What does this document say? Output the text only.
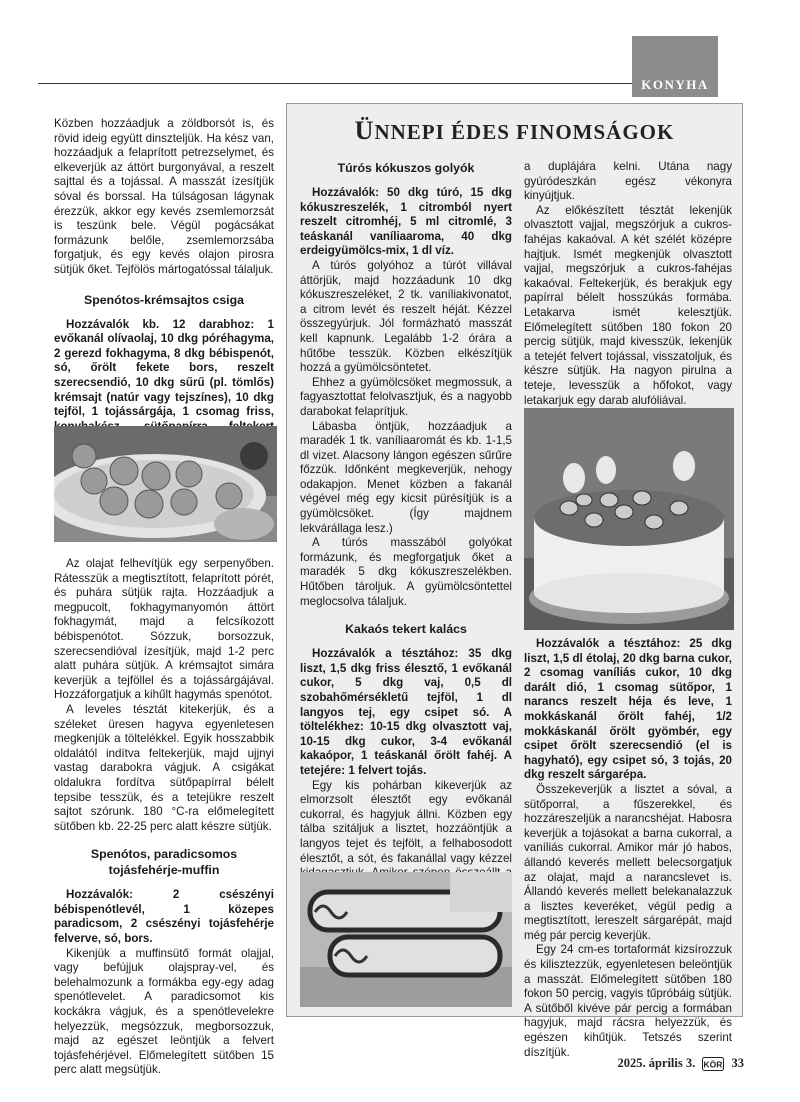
KONYHA

Közben hozzáadjuk a zöldborsót is, és rövid ideig együtt dinszteljük. Ha kész van, hozzáadjuk a felaprított petrezselymet, és elkeverjük az áttört burgonyával, a reszelt sajttal és a tojással. A masszát ízesítjük sóval és borssal. Ha túlságosan lágynak érezzük, akkor egy kevés zsemlemorzsát is teszünk bele. Végül pogácsákat formázunk belőle, zsemlemorzsába forgatjuk, és egy kevés olajon pirosra sütjük őket. Tejfölös mártogatóssal tálaljuk.

Spenótos-krémsajtos csiga

Hozzávalók kb. 12 darabhoz: 1 evőkanál olívaolaj, 10 dkg póréhagyma, 2 gerezd fokhagyma, 8 dkg bébispenót, só, őrölt fekete bors, reszelt szerecsendió, 10 dkg sűrű (pl. tömlős) krémsajt (natúr vagy tejszínes), 10 dkg tejföl, 1 tojássárgája, 1 csomag friss,

Az olajat felhevítjük egy serpenyőben. Rátesszük a megtisztított, felaprított pórét, és puhára sütjük rajta. Hozzáadjuk a megpucolt, fokhagymanyomón áttört fokhagymát, majd a felcsíkozott bébispenótot. Sózzuk, borsozzuk, szerecsendióval ízesítjük, majd 1-2 perc alatt puhára sütjük. A krémsajtot simára keverjük a tejföllel és a tojássárgájával. Hozzáforgatjuk a kihűlt hagymás spenótot.

A leveles tésztát kitekerjük, és a széleket üresen hagyva egyenletesen megkenjük a töltelékkel. Egyik hosszabbik oldalától indítva feltekerjük, majd ujjnyi vastag darabokra vágjuk. A csigákat oldalukra fordítva sütőpapírral bélelt tepsibe tesszük, és a tetejükre reszelt sajtot szórunk. 180 °C-ra előmelegített sütőben kb. 22-25 perc alatt készre sütjük.

Spenótos, paradicsomos tojásfehérje-muffin

Hozzávalók: 2 csészényi bébispenótlevél, 1 közepes paradicsom, 2 csészényi tojásfehérje felverve, só, bors.

Kikenjük a muffinsütő formát olajjal, vagy befújjuk olajspray-vel, és belehalmozunk a formákba egy-egy adag spenótlevelet. A paradicsomot kis kockákra vágjuk, és a spenótlevelekre helyezzük, megsózzuk, megborsozzuk, majd az egészet leöntjük a felvert tojásfehérjével. Előmelegített sütőben 15 perc alatt megsütjük.

ÜNNEPI ÉDES FINOMSÁGOK
Túrós kókuszos golyók

Hozzávalók: 50 dkg túró, 15 dkg kókuszreszelék, 1 citromból nyert reszelt citromhéj, 5 ml citromlé, 3 teáskanál vaníliaaroma, 40 dkg erdeigyümölcs-mix, 1 dl víz.

A túrós golyóhoz a túrót villával áttörjük, majd hozzáadunk 10 dkg kókuszreszeléket, 2 tk. vaníliakivonatot, a citrom levét és reszelt héját. Kézzel összegyúrjuk. Jól formázható masszát kell kapnunk. Legalább 1-2 órára a hűtőbe tesszük. Közben elkészítjük hozzá a gyümölcsöntetet.

Ehhez a gyümölcsöket megmossuk, a fagyasztottat felolvasztjuk, és a nagyobb darabokat felaprítjuk.

Lábasba öntjük, hozzáadjuk a maradék 1 tk. vaníliaaromát és kb. 1-1,5 dl vizet. Alacsony lángon egészen sűrűre főzzük. Időnként megkeverjük, nehogy odakapjon. Menet közben a fakanál végével még egy kicsit pürésítjük is a gyümölcsöket. (Így majdnem lekvárállaga lesz.)

A túrós masszából golyókat formázunk, és megforgatjuk őket a maradék 5 dkg kókuszreszelékben. Hűtőben tároljuk. A gyümölcsöntettel meglocsolva tálaljuk.

Kakaós tekert kalács

Hozzávalók a tésztához: 35 dkg liszt, 1,5 dkg friss élesztő, 1 evőkanál cukor, 5 dkg vaj, 0,5 dl szobahőmérsékletű tejföl, 1 dl langyos tej, egy csipet só. A töltelékhez: 10-15 dkg olvasztott vaj, 10-15 dkg cukor, 3-4 evőkanál kakaópor, 1 teáskanál őrölt fahéj. A tetejére: 1 felvert tojás.

Egy kis pohárban kikeverjük az elmorzsolt élesztőt egy evőkanál cukorral, és hagyjuk állni. Közben egy tálba szitáljuk a lisztet, hozzáöntjük a langyos tejet és tejfölt, a felhabosodott élesztőt, a sót, és fakanállal vagy kézzel

a duplájára kelni. Utána nagy gyúródeszkán egész vékonyra kinyújtjuk.

Az előkészített tésztát lekenjük olvasztott vajjal, megszórjuk a cukros-fahéjas kakaóval. A két szélét középre hajtjuk. Ismét megkenjük olvasztott vajjal, megszórjuk a cukros-fahéjas kakaóval. Feltekerjük, és berakjuk egy papírral bélelt hosszúkás formába. Letakarva ismét kelesztjük. Előmelegített sütőben 180 fokon 20 percig sütjük, majd kivesszük, lekenjük a tetejét felvert tojással, visszatoljuk, és készre sütjük. Ha nagyon pirulna a teteje, levesszük a hőfokot, vagy letakarjuk egy darab alufóliával.

Hozzávalók a tésztához: 25 dkg liszt, 1,5 dl étolaj, 20 dkg barna cukor, 2 csomag vaníliás cukor, 10 dkg darált dió, 1 csomag sütőpor, 1 narancs reszelt héja és leve, 1 mokkáskanál őrölt fahéj, 1/2 mokkáskanál őrölt gyömbér, egy csipet őrölt szerecsendió (el is hagyható), egy csipet só, 3 tojás, 20 dkg reszelt sárgarépa.

Összekeverjük a lisztet a sóval, a sütőporral, a fűszerekkel, és hozzáreszeljük a narancshéjat. Habosra keverjük a tojásokat a barna cukorral, a vaníliás cukorral. Amikor már jó habos, állandó keverés mellett belecsorgatjuk az olajat, majd a narancslevet is. Állandó keverés mellett belekanalazzuk a lisztes keveréket, végül pedig a megtisztított, lereszelt sárgarépát, majd még pár percig keverjük.

Egy 24 cm-es tortaformát kizsírozzuk és kilisztezzük, egyenletesen beleöntjük a masszát. Előmelegített sütőben 180 fokon 50 percig, vagyis tűpróbáig sütjük. A sütőből kivéve pár percig a formában hagyjuk, majd rácsra helyezzük, és egészen kihűtjük. Tetszés szerint díszítjük.

2025. április 3. KÖR 33
